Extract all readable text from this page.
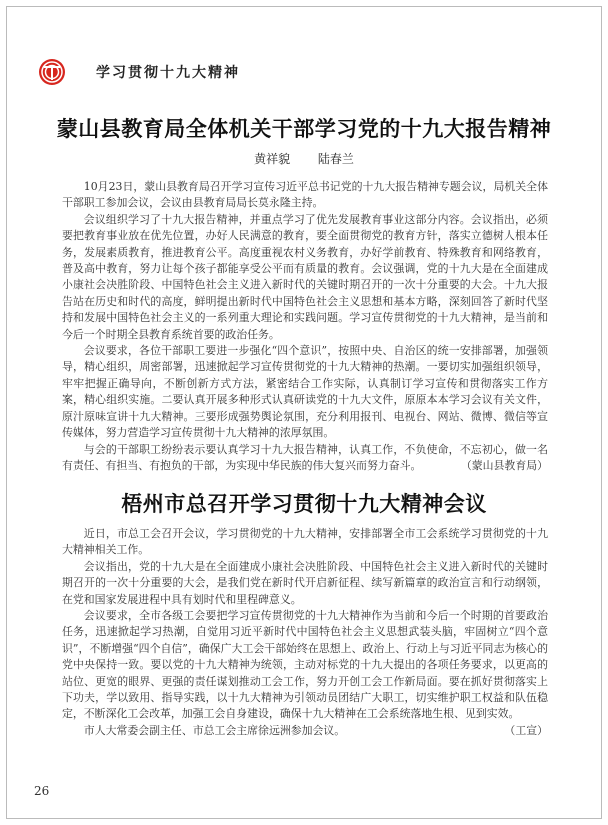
学习贯彻十九大精神
蒙山县教育局全体机关干部学习党的十九大报告精神
黄祥貌 陆春兰

10月23日，蒙山县教育局召开学习宣传习近平总书记党的十九大报告精神专题会议，局机关全体干部职工参加会议，会议由县教育局局长莫永隆主持。

会议组织学习了十九大报告精神，并重点学习了优先发展教育事业这部分内容。会议指出，必须要把教育事业放在优先位置，办好人民满意的教育，要全面贯彻党的教育方针，落实立德树人根本任务，发展素质教育，推进教育公平。高度重视农村义务教育，办好学前教育、特殊教育和网络教育，普及高中教育，努力让每个孩子都能享受公平而有质量的教育。会议强调，党的十九大是在全面建成小康社会决胜阶段、中国特色社会主义进入新时代的关键时期召开的一次十分重要的大会。十九大报告站在历史和时代的高度，鲜明提出新时代中国特色社会主义思想和基本方略，深刻回答了新时代坚持和发展中国特色社会主义的一系列重大理论和实践问题。学习宣传贯彻党的十九大精神，是当前和今后一个时期全县教育系统首要的政治任务。

会议要求，各位干部职工要进一步强化“四个意识”，按照中央、自治区的统一安排部署，加强领导，精心组织，周密部署，迅速掀起学习宣传贯彻党的十九大精神的热潮。一要切实加强组织领导，牢牢把握正确导向，不断创新方式方法，紧密结合工作实际，认真制订学习宣传和贯彻落实工作方案，精心组织实施。二要认真开展多种形式认真研读党的十九大文件，原原本本学习会议有关文件，原汁原味宣讲十九大精神。三要形成强势舆论氛围，充分利用报刊、电视台、网站、微博、微信等宣传媒体，努力营造学习宣传贯彻十九大精神的浓厚氛围。

与会的干部职工纷纷表示要认真学习十九大报告精神，认真工作，不负使命，不忘初心，做一名有责任、有担当、有抱负的干部，为实现中华民族的伟大复兴而努力奋斗。	（蒙山县教育局）

梧州市总召开学习贯彻十九大精神会议

近日，市总工会召开会议，学习贯彻党的十九大精神，安排部署全市工会系统学习贯彻党的十九大精神相关工作。

会议指出，党的十九大是在全面建成小康社会决胜阶段、中国特色社会主义进入新时代的关键时期召开的一次十分重要的大会，是我们党在新时代开启新征程、续写新篇章的政治宣言和行动纲领，在党和国家发展进程中具有划时代和里程碑意义。

会议要求，全市各级工会要把学习宣传贯彻党的十九大精神作为当前和今后一个时期的首要政治任务，迅速掀起学习热潮，自觉用习近平新时代中国特色社会主义思想武装头脑，牢固树立“四个意识”，不断增强“四个自信”，确保广大工会干部始终在思想上、政治上、行动上与习近平同志为核心的党中央保持一致。要以党的十九大精神为统领，主动对标党的十九大提出的各项任务要求，以更高的站位、更宽的眼界、更强的责任谋划推动工会工作，努力开创工会工作新局面。要在抓好贯彻落实上下功夫，学以致用、指导实践，以十九大精神为引领动员团结广大职工，切实维护职工权益和队伍稳定，不断深化工会改革，加强工会自身建设，确保十九大精神在工会系统落地生根、见到实效。

市人大常委会副主任、市总工会主席徐远洲参加会议。	（工宣）

26
